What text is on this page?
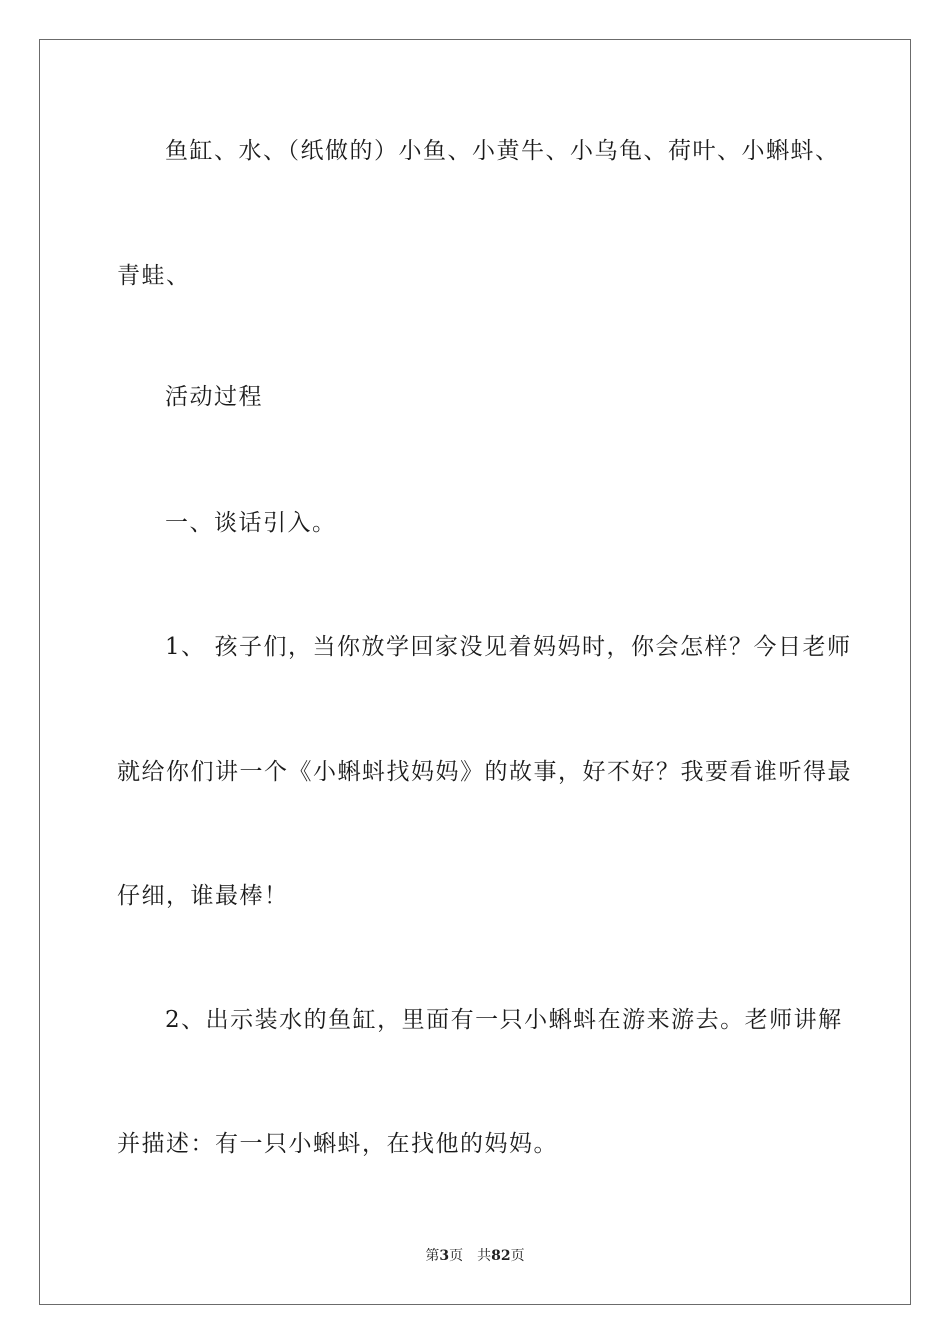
鱼缸、水、（纸做的）小鱼、小黄牛、小乌龟、荷叶、小蝌蚪、
青蛙、
活动过程
一、谈话引入。
1、 孩子们，当你放学回家没见着妈妈时，你会怎样？今日老师
就给你们讲一个《小蝌蚪找妈妈》的故事，好不好？我要看谁听得最
仔细，谁最棒！
2、出示装水的鱼缸，里面有一只小蝌蚪在游来游去。老师讲解
并描述：有一只小蝌蚪，在找他的妈妈。
第3页 共82页
